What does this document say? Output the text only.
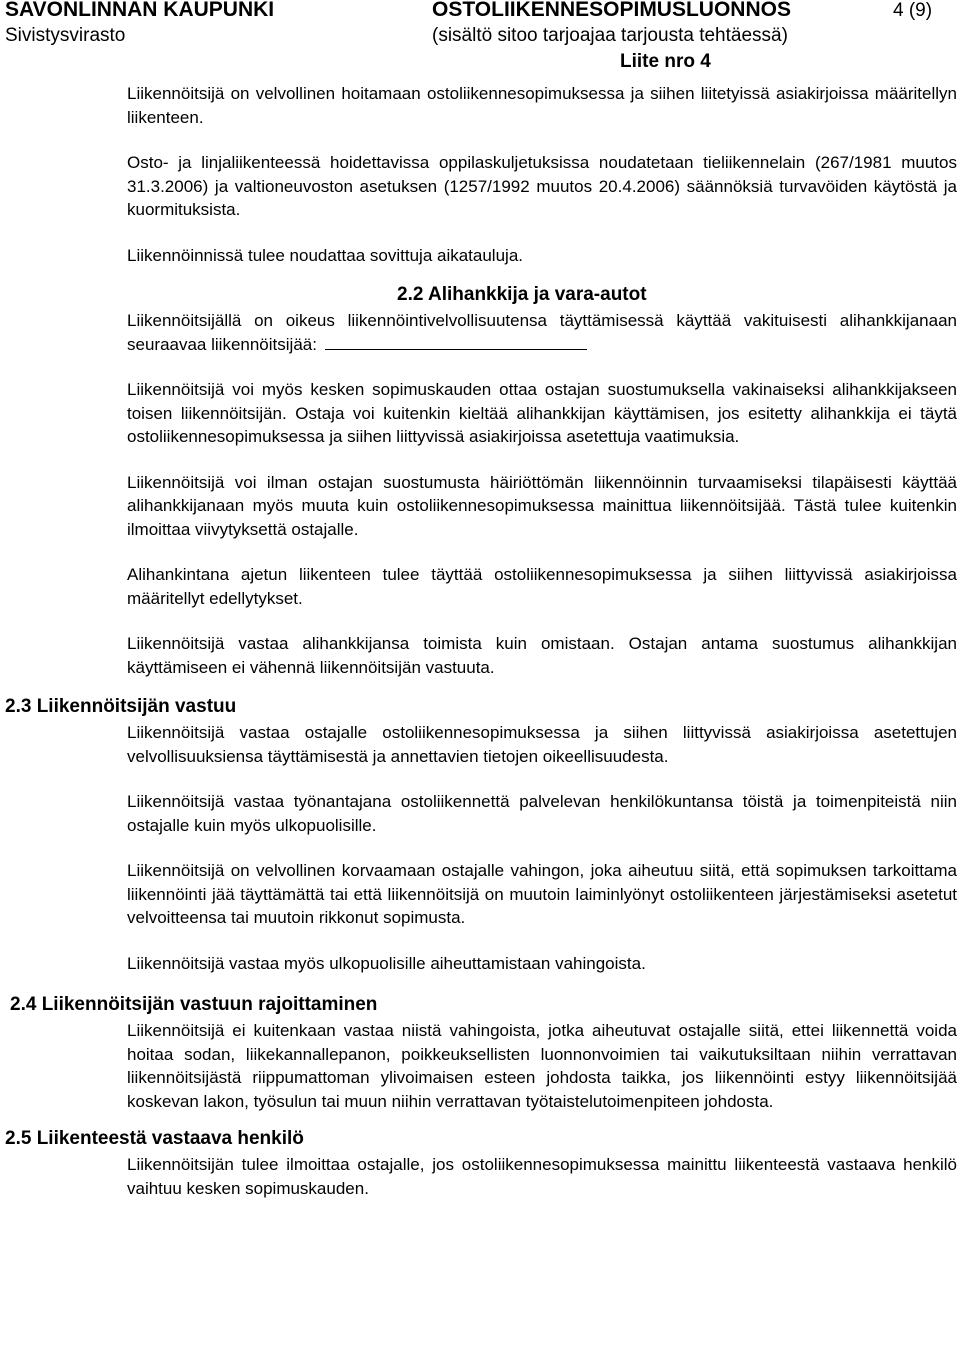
SAVONLINNAN KAUPUNKI
Sivistysvirasto
OSTOLIIKENNESOPIMUSLUONNOS	4 (9)
(sisältö sitoo tarjoajaa tarjousta tehtäessä)
Liite nro 4

Liikennöitsijä on velvollinen hoitamaan ostoliikennesopimuksessa ja siihen liitetyissä asiakirjoissa määritellyn liikenteen.

Osto- ja linjaliikenteessä hoidettavissa oppilaskuljetuksissa noudatetaan tieliikennelain (267/1981 muutos 31.3.2006) ja valtioneuvoston asetuksen (1257/1992 muutos 20.4.2006) säännöksiä turvavöiden käytöstä ja kuormituksista.

Liikennöinnissä tulee noudattaa sovittuja aikatauluja.

2.2 Alihankkija ja vara-autot

Liikennöitsijällä on oikeus liikennöintivelvollisuutensa täyttämisessä käyttää vakituisesti alihankkijanaan seuraavaa liikennöitsijää:

Liikennöitsijä voi myös kesken sopimuskauden ottaa ostajan suostumuksella vakinaiseksi alihankkijakseen toisen liikennöitsijän. Ostaja voi kuitenkin kieltää alihankkijan käyttämisen, jos esitetty alihankkija ei täytä ostoliikennesopimuksessa ja siihen liittyvissä asiakirjoissa asetettuja vaatimuksia.

Liikennöitsijä voi ilman ostajan suostumusta häiriöttömän liikennöinnin turvaamiseksi tilapäisesti käyttää alihankkijanaan myös muuta kuin ostoliikennesopimuksessa mainittua liikennöitsijää. Tästä tulee kuitenkin ilmoittaa viivytyksettä ostajalle.

Alihankintana ajetun liikenteen tulee täyttää ostoliikennesopimuksessa ja siihen liittyvissä asiakirjoissa määritellyt edellytykset.

Liikennöitsijä vastaa alihankkijansa toimista kuin omistaan. Ostajan antama suostumus alihankkijan käyttämiseen ei vähennä liikennöitsijän vastuuta.

2.3 Liikennöitsijän vastuu

Liikennöitsijä vastaa ostajalle ostoliikennesopimuksessa ja siihen liittyvissä asiakirjoissa asetettujen velvollisuuksiensa täyttämisestä ja annettavien tietojen oikeellisuudesta.

Liikennöitsijä vastaa työnantajana ostoliikennettä palvelevan henkilökuntansa töistä ja toimenpiteistä niin ostajalle kuin myös ulkopuolisille.

Liikennöitsijä on velvollinen korvaamaan ostajalle vahingon, joka aiheutuu siitä, että sopimuksen tarkoittama liikennöinti jää täyttämättä tai että liikennöitsijä on muutoin laiminlyönyt ostoliikenteen järjestämiseksi asetetut velvoitteensa tai muutoin rikkonut sopimusta.

Liikennöitsijä vastaa myös ulkopuolisille aiheuttamistaan vahingoista.

2.4 Liikennöitsijän vastuun rajoittaminen

Liikennöitsijä ei kuitenkaan vastaa niistä vahingoista, jotka aiheutuvat ostajalle siitä, ettei liikennettä voida hoitaa sodan, liikekannallepanon, poikkeuksellisten luonnonvoimien tai vaikutuksiltaan niihin verrattavan liikennöitsijästä riippumattoman ylivoimaisen esteen johdosta taikka, jos liikennöinti estyy liikennöitsijää koskevan lakon, työsulun tai muun niihin verrattavan työtaistelutoimenpiteen johdosta.

2.5 Liikenteestä vastaava henkilö

Liikennöitsijän tulee ilmoittaa ostajalle, jos ostoliikennesopimuksessa mainittu liikenteestä vastaava henkilö vaihtuu kesken sopimuskauden.
